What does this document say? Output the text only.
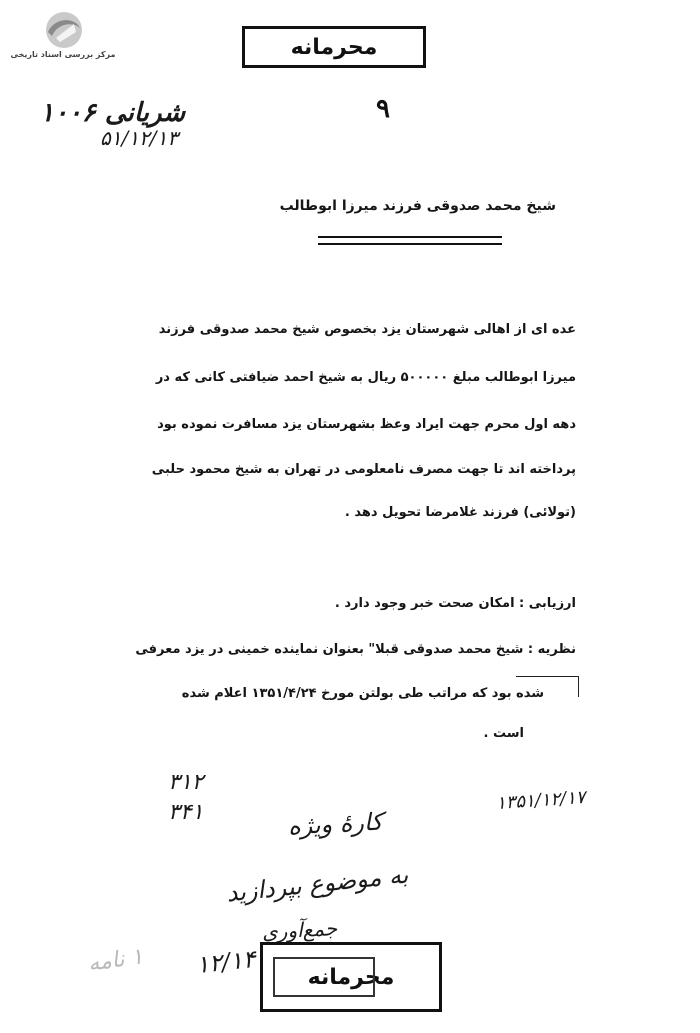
مرکز بررسی اسناد تاریخی	محرمانه
شریانی ۱۰۰۶
۵۱/۱۲/۱۳
۹
شیخ محمد صدوقی فرزند میرزا ابوطالب
عده ای از اهالی شهرستان یزد بخصوص شیخ محمد صدوقی فرزند
میرزا ابوطالب مبلغ ۵۰۰۰۰۰ ریال به شیخ احمد ضیافتی کانی که در
دهه اول محرم جهت ایراد وعظ بشهرستان یزد مسافرت نموده بود
پرداخته اند تا جهت مصرف نامعلومی در تهران به شیخ محمود حلبی
(تولائی) فرزند غلامرضا تحویل دهد .
ارزیابی : امکان صحت خبر وجود دارد .
نظریه : شیخ محمد صدوقی قبلا" بعنوان نماینده خمینی در یزد معرفی
شده بود که مراتب طی بولتن مورخ ۱۳۵۱/۴/۲۴ اعلام شده
است .
۳۱۲
۳۴۱	۱۳۵۱/۱۲/۱۷
کارهٔ ویژه
به موضوع بپردازید
جمع‌آوری
۱۲/۱۴ محرمانه
۱ نامه
